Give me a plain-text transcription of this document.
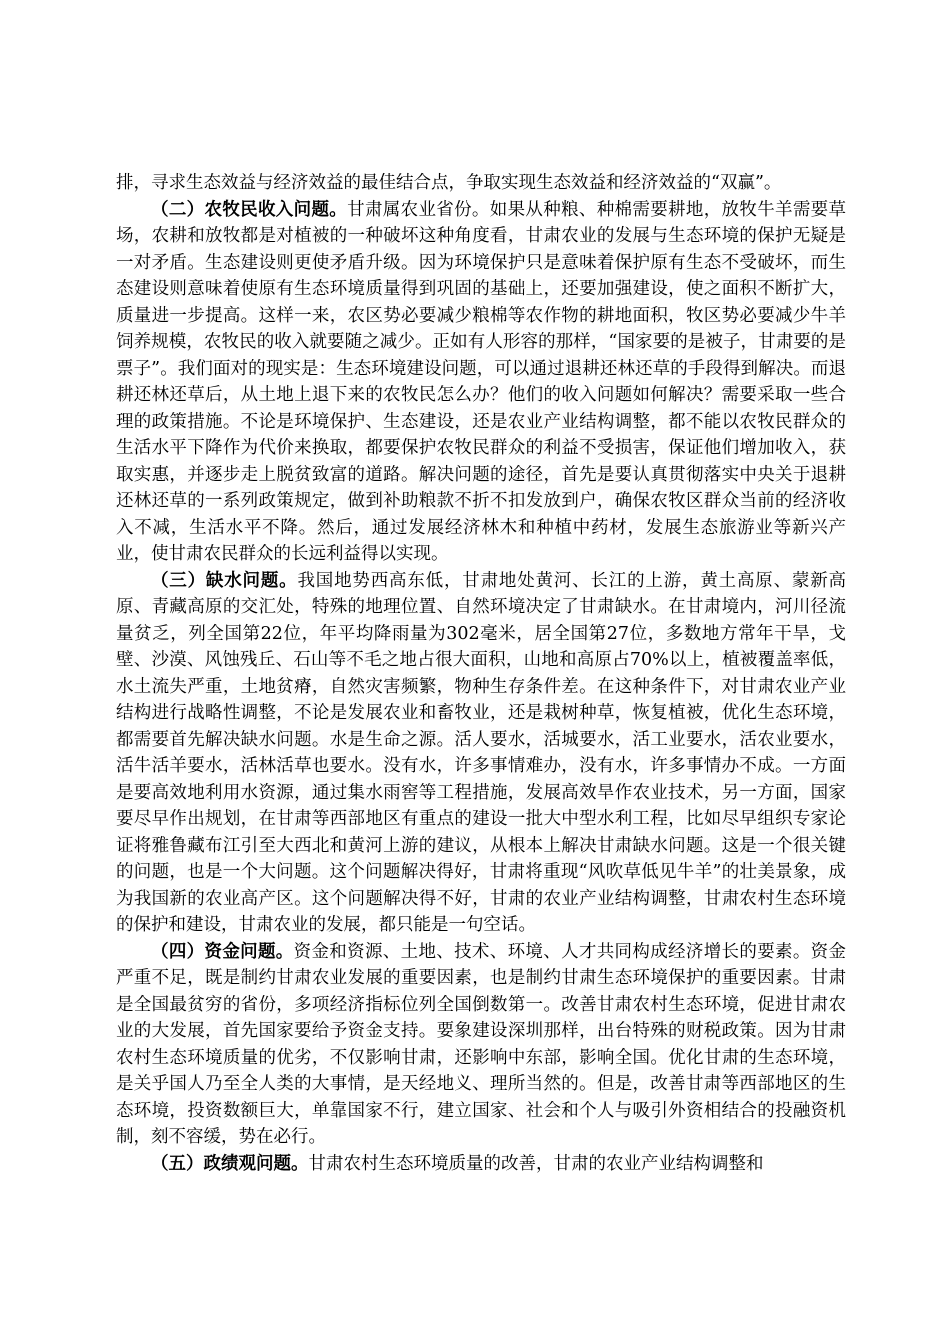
排，寻求生态效益与经济效益的最佳结合点，争取实现生态效益和经济效益的“双赢”。

（二）农牧民收入问题。甘肃属农业省份。如果从种粮、种棉需要耕地，放牧牛羊需要草场，农耕和放牧都是对植被的一种破坏这种角度看，甘肃农业的发展与生态环境的保护无疑是一对矛盾。生态建设则更使矛盾升级。因为环境保护只是意味着保护原有生态不受破坏，而生态建设则意味着使原有生态环境质量得到巩固的基础上，还要加强建设，使之面积不断扩大，质量进一步提高。这样一来，农区势必要减少粮棉等农作物的耕地面积，牧区势必要减少牛羊饲养规模，农牧民的收入就要随之减少。正如有人形容的那样，“国家要的是被子，甘肃要的是票子”。我们面对的现实是：生态环境建设问题，可以通过退耕还林还草的手段得到解决。而退耕还林还草后，从土地上退下来的农牧民怎么办？他们的收入问题如何解决？需要采取一些合理的政策措施。不论是环境保护、生态建设，还是农业产业结构调整，都不能以农牧民群众的生活水平下降作为代价来换取，都要保护农牧民群众的利益不受损害，保证他们增加收入，获取实惠，并逐步走上脱贫致富的道路。解决问题的途径，首先是要认真贯彻落实中央关于退耕还林还草的一系列政策规定，做到补助粮款不折不扣发放到户，确保农牧区群众当前的经济收入不减，生活水平不降。然后，通过发展经济林木和种植中药材，发展生态旅游业等新兴产业，使甘肃农民群众的长远利益得以实现。

（三）缺水问题。我国地势西高东低，甘肃地处黄河、长江的上游，黄土高原、蒙新高原、青藏高原的交汇处，特殊的地理位置、自然环境决定了甘肃缺水。在甘肃境内，河川径流量贫乏，列全国第22位，年平均降雨量为302毫米，居全国第27位，多数地方常年干旱，戈壁、沙漠、风蚀残丘、石山等不毛之地占很大面积，山地和高原占70%以上，植被覆盖率低，水土流失严重，土地贫瘠，自然灾害频繁，物种生存条件差。在这种条件下，对甘肃农业产业结构进行战略性调整，不论是发展农业和畜牧业，还是栽树种草，恢复植被，优化生态环境，都需要首先解决缺水问题。水是生命之源。活人要水，活城要水，活工业要水，活农业要水，活牛活羊要水，活林活草也要水。没有水，许多事情难办，没有水，许多事情办不成。一方面是要高效地利用水资源，通过集水雨窖等工程措施，发展高效旱作农业技术，另一方面，国家要尽早作出规划，在甘肃等西部地区有重点的建设一批大中型水利工程，比如尽早组织专家论证将雅鲁藏布江引至大西北和黄河上游的建议，从根本上解决甘肃缺水问题。这是一个很关键的问题，也是一个大问题。这个问题解决得好，甘肃将重现“风吹草低见牛羊”的壮美景象，成为我国新的农业高产区。这个问题解决得不好，甘肃的农业产业结构调整，甘肃农村生态环境的保护和建设，甘肃农业的发展，都只能是一句空话。

（四）资金问题。资金和资源、土地、技术、环境、人才共同构成经济增长的要素。资金严重不足，既是制约甘肃农业发展的重要因素，也是制约甘肃生态环境保护的重要因素。甘肃是全国最贫穷的省份，多项经济指标位列全国倒数第一。改善甘肃农村生态环境，促进甘肃农业的大发展，首先国家要给予资金支持。要象建设深圳那样，出台特殊的财税政策。因为甘肃农村生态环境质量的优劣，不仅影响甘肃，还影响中东部，影响全国。优化甘肃的生态环境，是关乎国人乃至全人类的大事情，是天经地义、理所当然的。但是，改善甘肃等西部地区的生态环境，投资数额巨大，单靠国家不行，建立国家、社会和个人与吸引外资相结合的投融资机制，刻不容缓，势在必行。

（五）政绩观问题。甘肃农村生态环境质量的改善，甘肃的农业产业结构调整和
